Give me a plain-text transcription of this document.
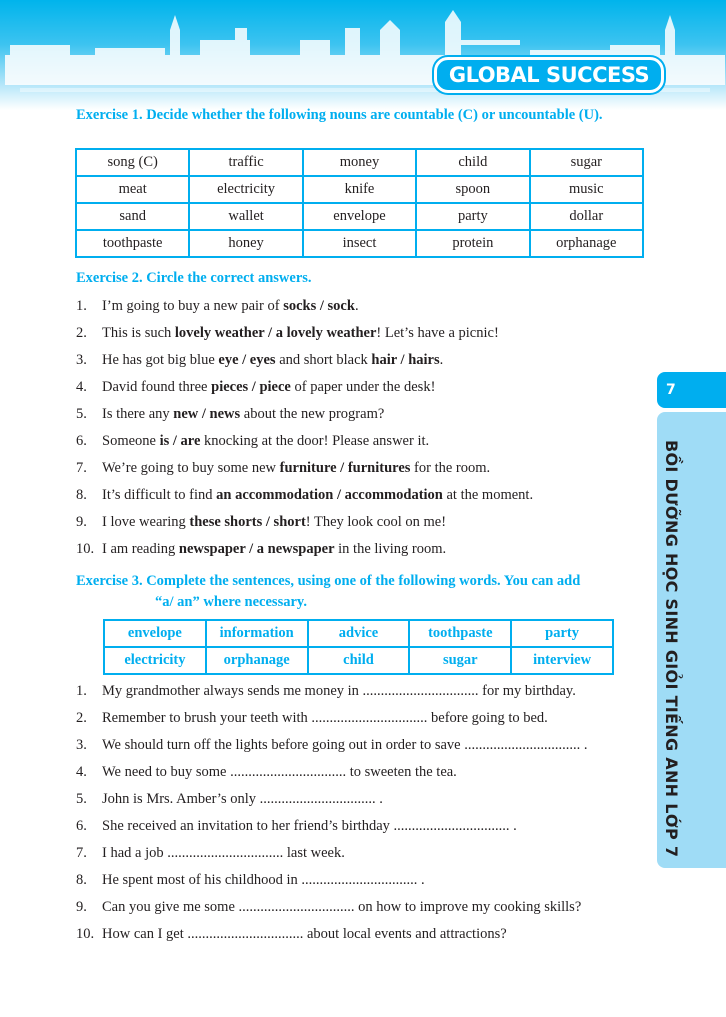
GLOBAL SUCCESS
Exercise 1. Decide whether the following nouns are countable (C) or uncountable (U).
song (C)	traffic	money	child	sugar
meat	electricity	knife	spoon	music
sand	wallet	envelope	party	dollar
toothpaste	honey	insect	protein	orphanage
Exercise 2. Circle the correct answers.
1. I’m going to buy a new pair of socks / sock.
2. This is such lovely weather / a lovely weather! Let’s have a picnic!
3. He has got big blue eye / eyes and short black hair / hairs.
4. David found three pieces / piece of paper under the desk!
5. Is there any new / news about the new program?
6. Someone is / are knocking at the door! Please answer it.
7. We’re going to buy some new furniture / furnitures for the room.
8. It’s difficult to find an accommodation / accommodation at the moment.
9. I love wearing these shorts / short! They look cool on me!
10. I am reading newspaper / a newspaper in the living room.
Exercise 3. Complete the sentences, using one of the following words. You can add
“a/ an” where necessary.
envelope	information	advice	toothpaste	party
electricity	orphanage	child	sugar	interview
1. My grandmother always sends me money in ................................ for my birthday.
2. Remember to brush your teeth with ................................ before going to bed.
3. We should turn off the lights before going out in order to save ................................ .
4. We need to buy some ................................ to sweeten the tea.
5. John is Mrs. Amber’s only ................................ .
6. She received an invitation to her friend’s birthday ................................ .
7. I had a job ................................ last week.
8. He spent most of his childhood in ................................ .
9. Can you give me some ................................ on how to improve my cooking skills?
10. How can I get ................................ about local events and attractions?
7
BỒI DƯỠNG HỌC SINH GIỎI TIẾNG ANH LỚP 7
